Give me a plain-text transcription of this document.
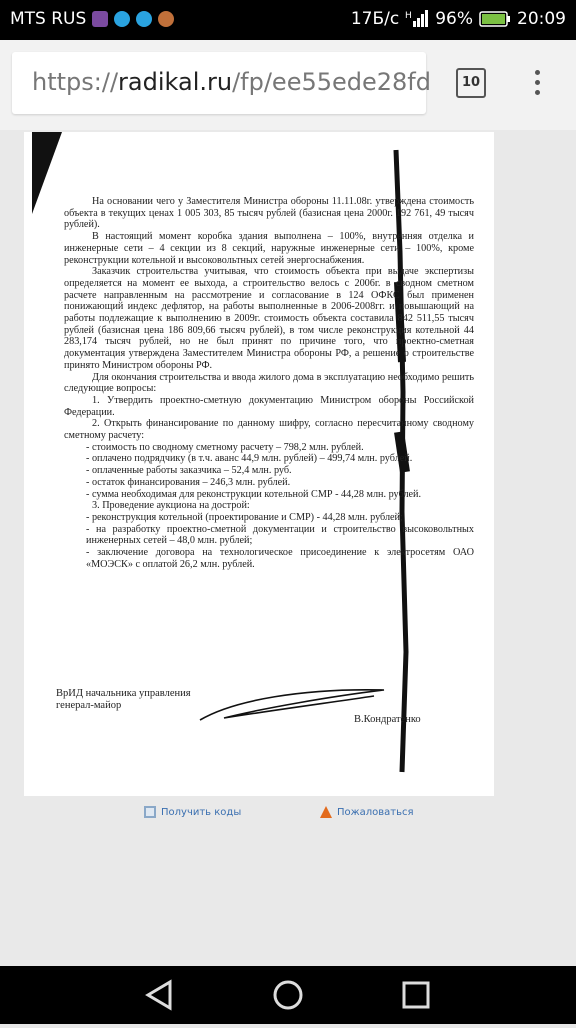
MTS RUS	17Б/с H 96%	20:09
https://radikal.ru/fp/ee55ede28fd	10

На основании чего у Заместителя Министра обороны 11.11.08г. утверждена стоимость объекта в текущих ценах 1 005 303, 85 тысяч рублей (базисная цена 2000г. 192 761, 49 тысяч рублей).

В настоящий момент коробка здания выполнена – 100%, внутренняя отделка и инженерные сети – 4 секции из 8 секций, наружные инженерные сети – 100%, кроме реконструкции котельной и высоковольтных сетей энергоснабжения.

Заказчик строительства учитывая, что стоимость объекта при выдаче экспертизы определяется на момент ее выхода, а строительство велось с 2006г. в сводном сметном расчете направленным на рассмотрение и согласование в 124 ОФКС был применен понижающий индекс дефлятор, на работы выполненные в 2006-2008гг. и повышающий на работы подлежащие к выполнению в 2009г. стоимость объекта составила 842 511,55 тысяч рублей (базисная цена 186 809,66 тысяч рублей), в том числе реконструкция котельной 44 283,174 тысяч рублей, но не был принят по причине того, что проектно-сметная документация утверждена Заместителем Министра обороны РФ, а решение о строительстве принято Министром обороны РФ.

Для окончания строительства и ввода жилого дома в эксплуатацию необходимо решить следующие вопросы:

1. Утвердить проектно-сметную документацию Министром обороны Российской Федерации.

2. Открыть финансирование по данному шифру, согласно пересчитанному сводному сметному расчету:

- стоимость по сводному сметному расчету – 798,2 млн. рублей.

- оплачено подрядчику (в т.ч. аванс 44,9 млн. рублей) – 499,74 млн. рублей.

- оплаченные работы заказчика – 52,4 млн. руб.

- остаток финансирования – 246,3 млн. рублей.

- сумма необходимая для реконструкции котельной СМР - 44,28 млн. рублей.

3. Проведение аукциона на дострой:

- реконструкция котельной (проектирование и СМР) - 44,28 млн. рублей;

- на разработку проектно-сметной документации и строительство высоковольтных инженерных сетей – 48,0 млн. рублей;

- заключение договора на технологическое присоединение к электросетям ОАО «МОЭСК» с оплатой 26,2 млн. рублей.

ВрИД начальника управления
генерал-майор
В.Кондратенко
Получить коды	Пожаловаться
